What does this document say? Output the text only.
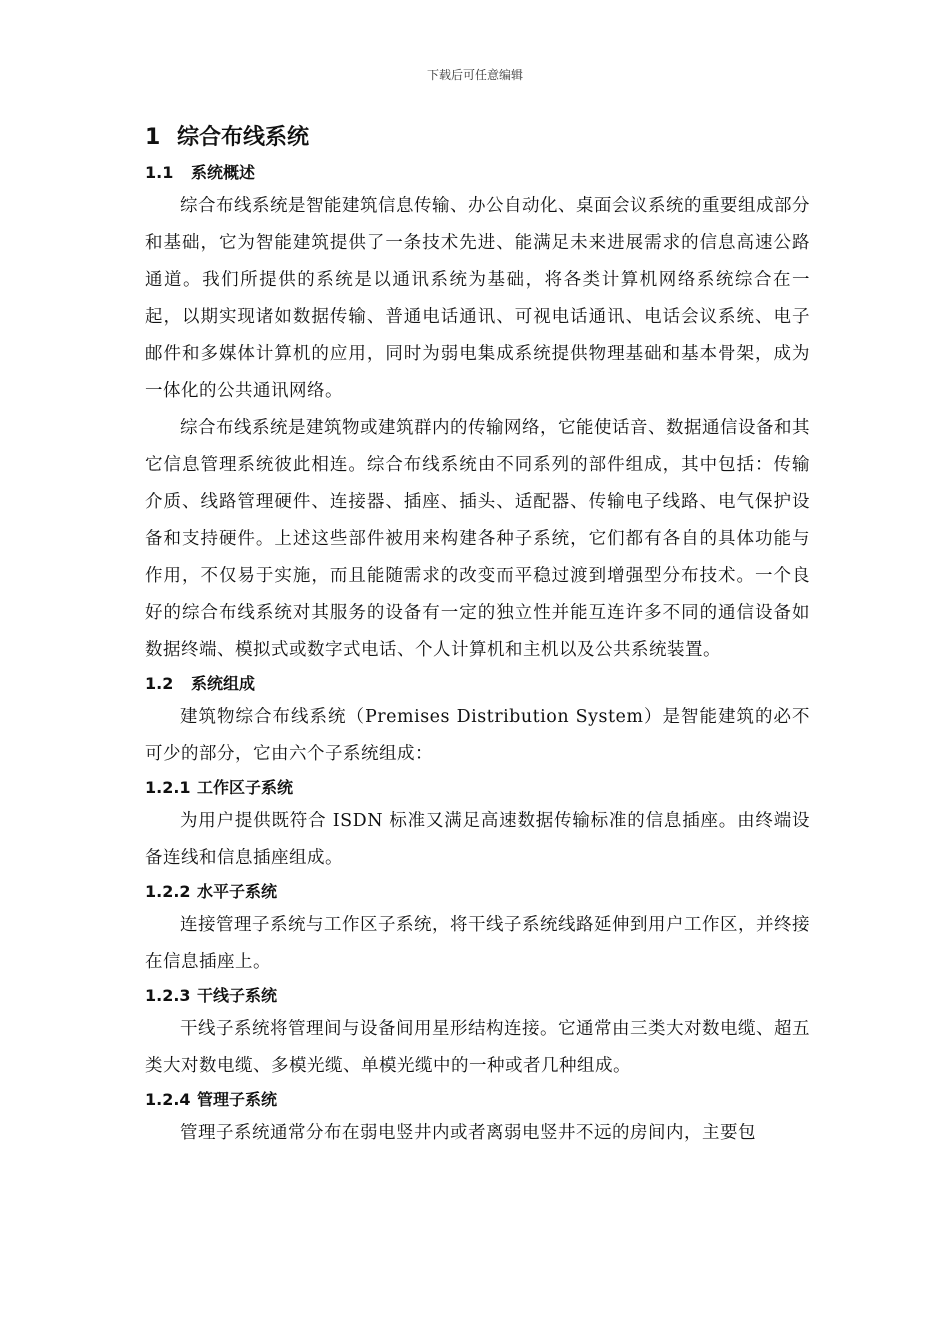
下载后可任意编辑
1 综合布线系统
1.1 系统概述

综合布线系统是智能建筑信息传输、办公自动化、桌面会议系统的重要组成部分和基础，它为智能建筑提供了一条技术先进、能满足未来进展需求的信息高速公路通道。我们所提供的系统是以通讯系统为基础，将各类计算机网络系统综合在一起，以期实现诸如数据传输、普通电话通讯、可视电话通讯、电话会议系统、电子邮件和多媒体计算机的应用，同时为弱电集成系统提供物理基础和基本骨架，成为一体化的公共通讯网络。

综合布线系统是建筑物或建筑群内的传输网络，它能使话音、数据通信设备和其它信息管理系统彼此相连。综合布线系统由不同系列的部件组成，其中包括：传输介质、线路管理硬件、连接器、插座、插头、适配器、传输电子线路、电气保护设备和支持硬件。上述这些部件被用来构建各种子系统，它们都有各自的具体功能与作用，不仅易于实施，而且能随需求的改变而平稳过渡到增强型分布技术。一个良好的综合布线系统对其服务的设备有一定的独立性并能互连许多不同的通信设备如数据终端、模拟式或数字式电话、个人计算机和主机以及公共系统装置。

1.2 系统组成

建筑物综合布线系统（Premises Distribution System）是智能建筑的必不可少的部分，它由六个子系统组成：

1.2.1 工作区子系统

为用户提供既符合 ISDN 标准又满足高速数据传输标准的信息插座。由终端设备连线和信息插座组成。

1.2.2 水平子系统

连接管理子系统与工作区子系统，将干线子系统线路延伸到用户工作区，并终接在信息插座上。

1.2.3 干线子系统

干线子系统将管理间与设备间用星形结构连接。它通常由三类大对数电缆、超五类大对数电缆、多模光缆、单模光缆中的一种或者几种组成。

1.2.4 管理子系统

管理子系统通常分布在弱电竖井内或者离弱电竖井不远的房间内，主要包
